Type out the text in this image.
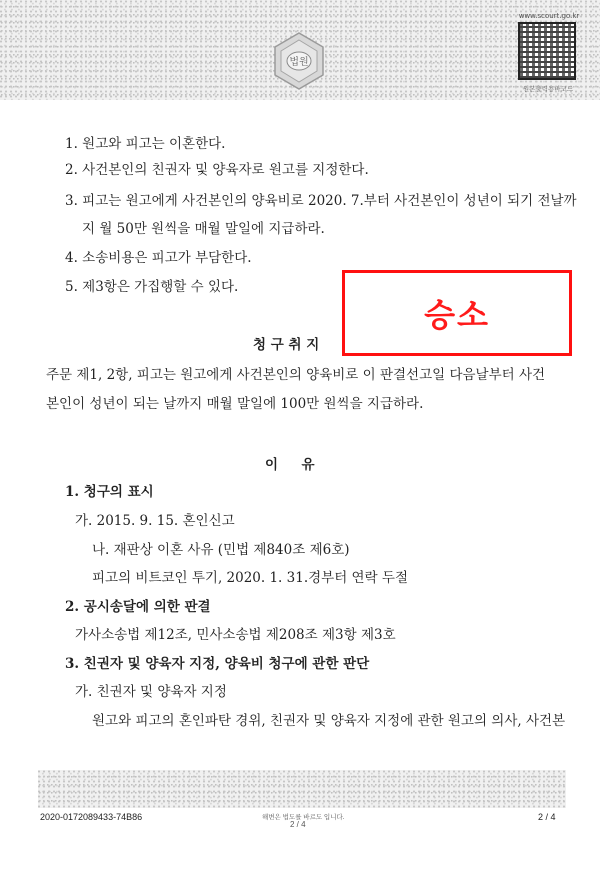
법원
www.scourt.go.kr
원본출력용바코드
1. 원고와 피고는 이혼한다.
2. 사건본인의 친권자 및 양육자로 원고를 지정한다.
3. 피고는 원고에게 사건본인의 양육비로 2020. 7.부터 사건본인이 성년이 되기 전날까
지 월 50만 원씩을 매월 말일에 지급하라.
4. 소송비용은 피고가 부담한다.
5. 제3항은 가집행할 수 있다.
승소
청 구 취 지
주문 제1, 2항, 피고는 원고에게 사건본인의 양육비로 이 판결선고일 다음날부터 사건
본인이 성년이 되는 날까지 매월 말일에 100만 원씩을 지급하라.
이     유
1. 청구의 표시
가. 2015. 9. 15. 혼인신고
나. 재판상 이혼 사유 (민법 제840조 제6호)
피고의 비트코인 투기, 2020. 1. 31.경부터 연락 두절
2. 공시송달에 의한 판결
가사소송법 제12조, 민사소송법 제208조 제3항 제3호
3. 친권자 및 양육자 지정, 양육비 청구에 관한 판단
가. 친권자 및 양육자 지정
원고와 피고의 혼인파탄 경위, 친권자 및 양육자 지정에 관한 원고의 의사, 사건본
2020-0172089433-74B86	해변은 법도를 바르도 입니다.
2 / 4
2 / 4
